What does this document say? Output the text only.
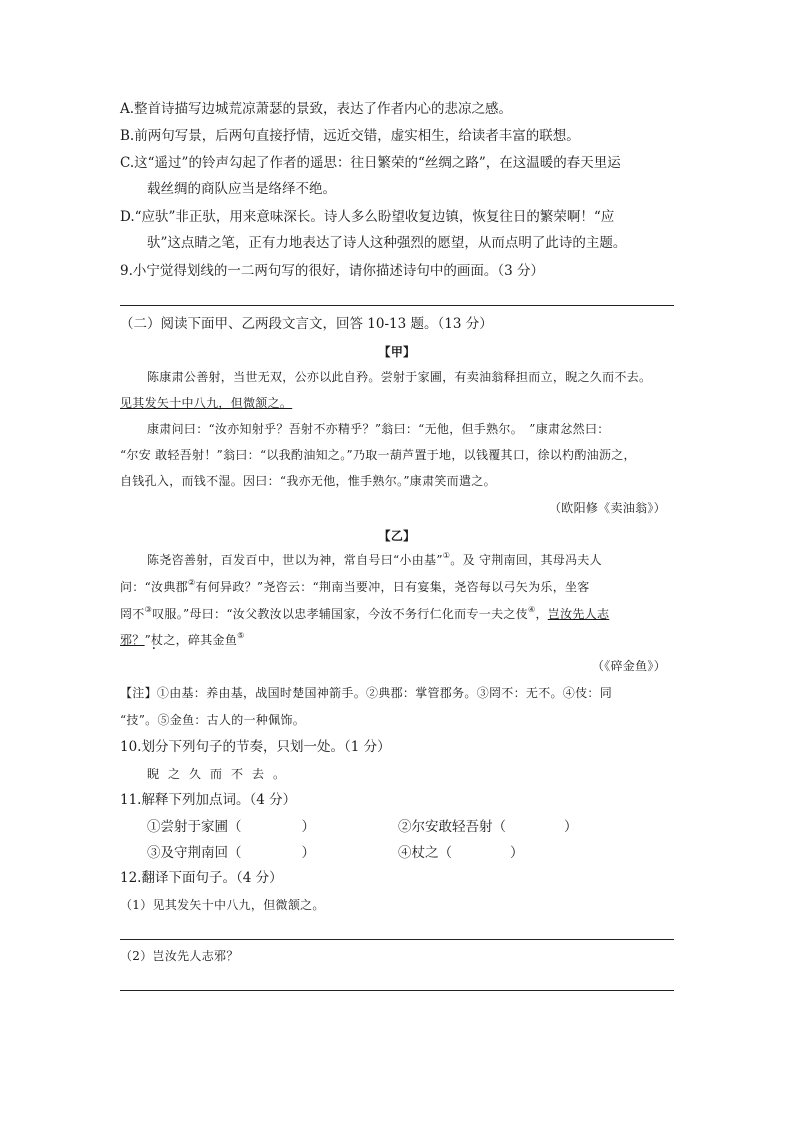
A.整首诗描写边城荒凉萧瑟的景致，表达了作者内心的悲凉之感。
B.前两句写景，后两句直接抒情，远近交错，虚实相生，给读者丰富的联想。
C.这“遥过”的铃声勾起了作者的遥思：往日繁荣的“丝绸之路”，在这温暖的春天里运
载丝绸的商队应当是络绎不绝。
D.“应驮”非正驮，用来意味深长。诗人多么盼望收复边镇，恢复往日的繁荣啊！“应
驮”这点睛之笔，正有力地表达了诗人这种强烈的愿望，从而点明了此诗的主题。
9.小宁觉得划线的一二两句写的很好，请你描述诗句中的画面。（3 分）
（二）阅读下面甲、乙两段文言文，回答 10-13 题。（13 分）
【甲】
陈康肃公善射，当世无双，公亦以此自矜。尝射于家圃，有卖油翁释担而立，睨之久而不去。
见其发矢十中八九，但微颔之。
康肃问曰：“汝亦知射乎？吾射不亦精乎？”翁曰：“无他，但手熟尔。　”康肃忿然曰：
“尔安 敢轻吾射！”翁曰：“以我酌油知之。”乃取一葫芦置于地，以钱覆其口，徐以杓酌油沥之，
自钱孔入，而钱不湿。因曰：“我亦无他，惟手熟尔。”康肃笑而遣之。
（欧阳修《卖油翁》）
【乙】
陈尧咨善射，百发百中，世以为神，常自号曰“小由基”①。及 守荆南回，其母冯夫人
问：“汝典郡②有何异政？”尧咨云：“荆南当要冲，日有宴集，尧咨每以弓矢为乐，坐客
罔不③叹服。”母曰：“汝父教汝以忠孝辅国家，今汝不务行仁化而专一夫之伎④，岂汝先人志
邪？”杖 ·之，碎其金鱼⑤
（《碎金鱼》）
【注】①由基：养由基，战国时楚国神箭手。②典郡：掌管郡务。③罔不：无不。④伎：同
“技”。⑤金鱼：古人的一种佩饰。
10.划分下列句子的节奏，只划一处。（1 分）
睨之久而不去。
11.解释下列加点词。（4 分）
①尝射于家圃（	）	②尔安敢轻吾射（	）
③及守荆南回（	）	④杖之（	）
12.翻译下面句子。（4 分）
（1）见其发矢十中八九，但微颔之。
（2）岂汝先人志邪？
